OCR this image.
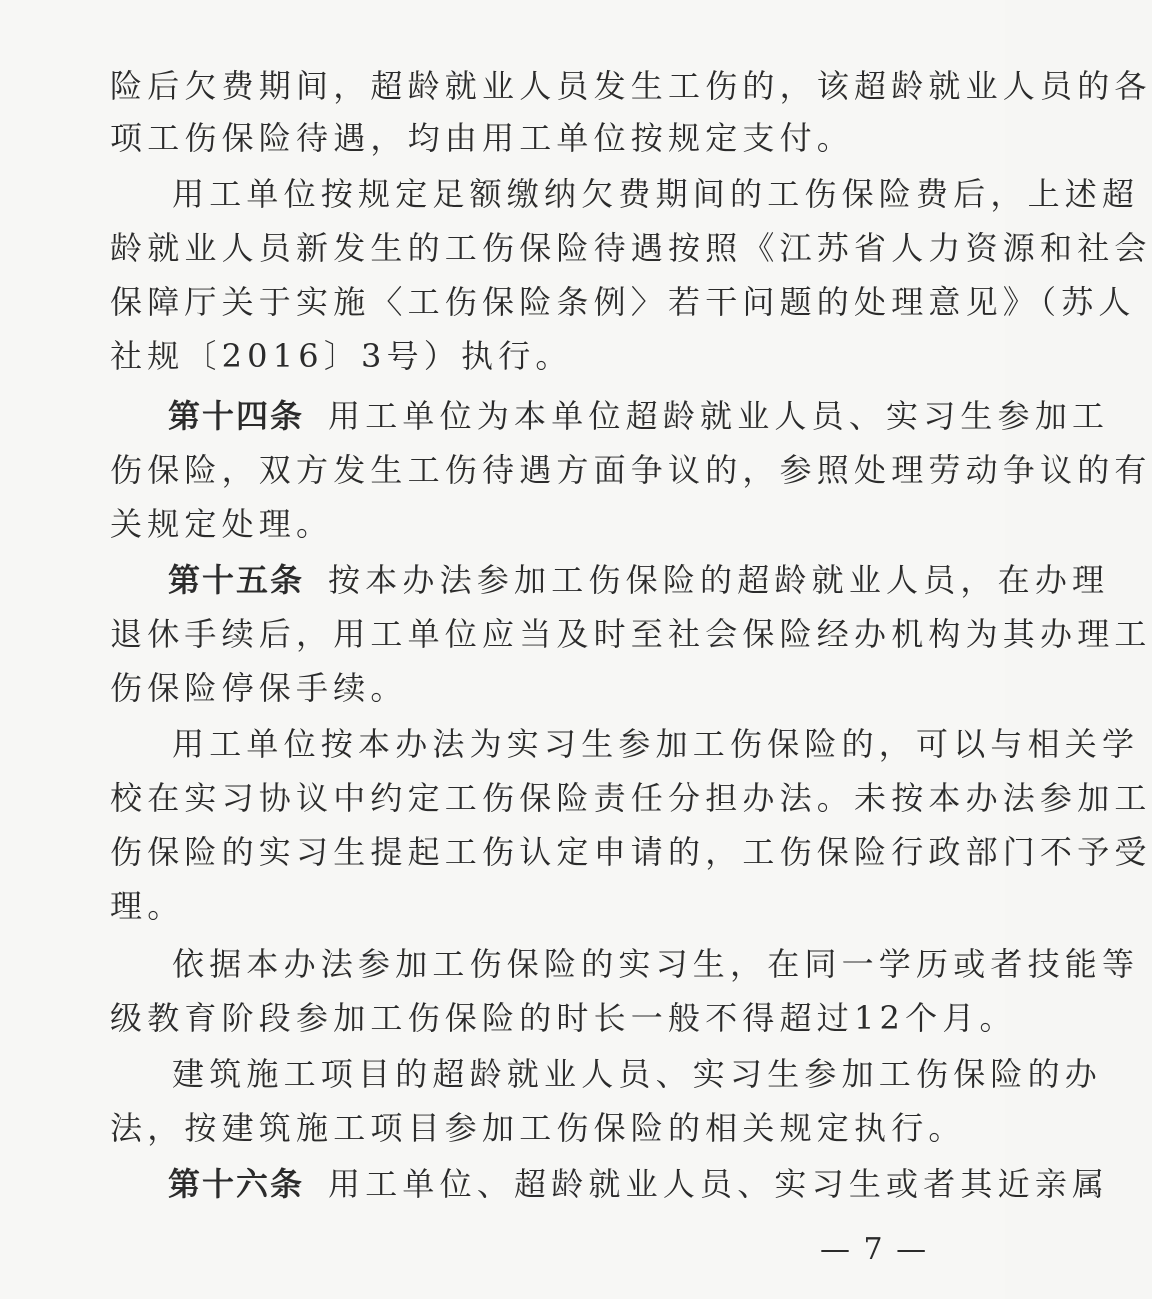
险后欠费期间，超龄就业人员发生工伤的，该超龄就业人员的各
项工伤保险待遇，均由用工单位按规定支付。
用工单位按规定足额缴纳欠费期间的工伤保险费后，上述超
龄就业人员新发生的工伤保险待遇按照《江苏省人力资源和社会
保障厅关于实施〈工伤保险条例〉若干问题的处理意见》（苏人
社规〔2016〕3号）执行。
第十四条 用工单位为本单位超龄就业人员、实习生参加工
伤保险，双方发生工伤待遇方面争议的，参照处理劳动争议的有
关规定处理。
第十五条 按本办法参加工伤保险的超龄就业人员，在办理
退休手续后，用工单位应当及时至社会保险经办机构为其办理工
伤保险停保手续。
用工单位按本办法为实习生参加工伤保险的，可以与相关学
校在实习协议中约定工伤保险责任分担办法。未按本办法参加工
伤保险的实习生提起工伤认定申请的，工伤保险行政部门不予受
理。
依据本办法参加工伤保险的实习生，在同一学历或者技能等
级教育阶段参加工伤保险的时长一般不得超过12个月。
建筑施工项目的超龄就业人员、实习生参加工伤保险的办
法，按建筑施工项目参加工伤保险的相关规定执行。
第十六条 用工单位、超龄就业人员、实习生或者其近亲属
— 7 —
